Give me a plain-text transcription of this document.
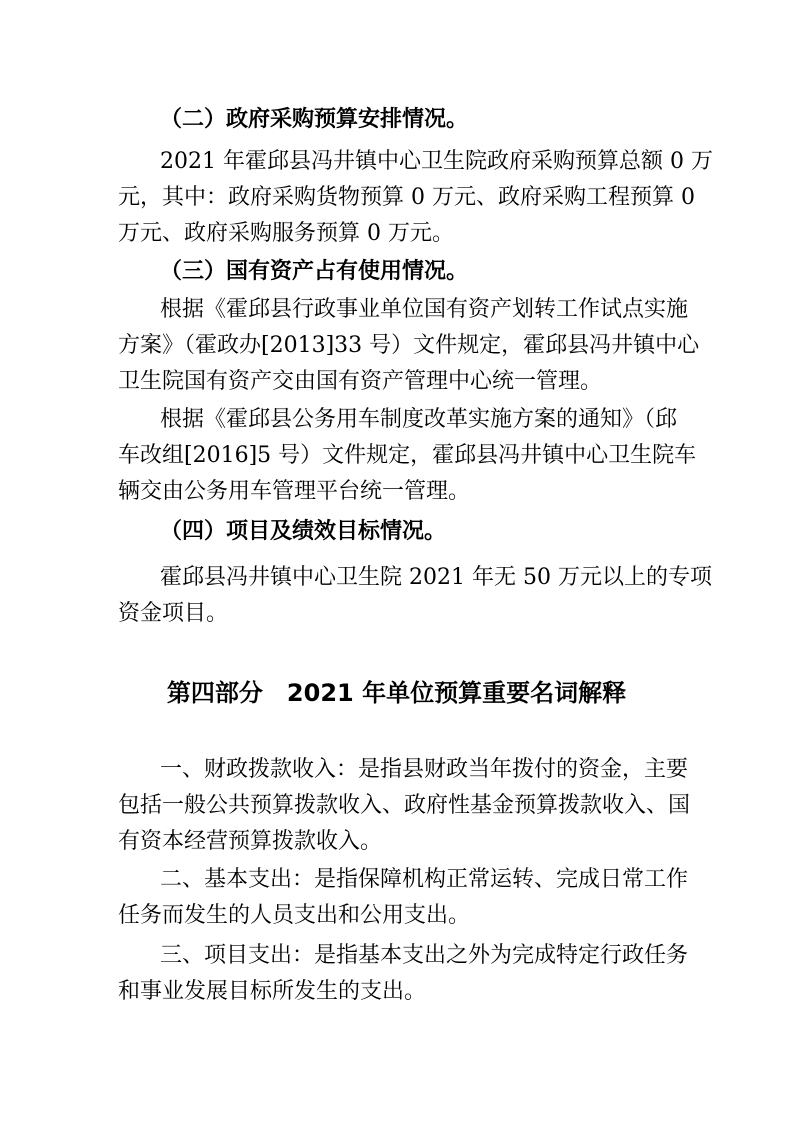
（二）政府采购预算安排情况。
2021 年霍邱县冯井镇中心卫生院政府采购预算总额 0 万
元，其中：政府采购货物预算 0 万元、政府采购工程预算 0
万元、政府采购服务预算 0 万元。
（三）国有资产占有使用情况。
根据《霍邱县行政事业单位国有资产划转工作试点实施
方案》（霍政办[2013]33 号）文件规定，霍邱县冯井镇中心
卫生院国有资产交由国有资产管理中心统一管理。
根据《霍邱县公务用车制度改革实施方案的通知》（邱
车改组[2016]5 号）文件规定，霍邱县冯井镇中心卫生院车
辆交由公务用车管理平台统一管理。
（四）项目及绩效目标情况。
霍邱县冯井镇中心卫生院 2021 年无 50 万元以上的专项
资金项目。
第四部分　2021 年单位预算重要名词解释
一、财政拨款收入：是指县财政当年拨付的资金，主要
包括一般公共预算拨款收入、政府性基金预算拨款收入、国
有资本经营预算拨款收入。
二、基本支出：是指保障机构正常运转、完成日常工作
任务而发生的人员支出和公用支出。
三、项目支出：是指基本支出之外为完成特定行政任务
和事业发展目标所发生的支出。
